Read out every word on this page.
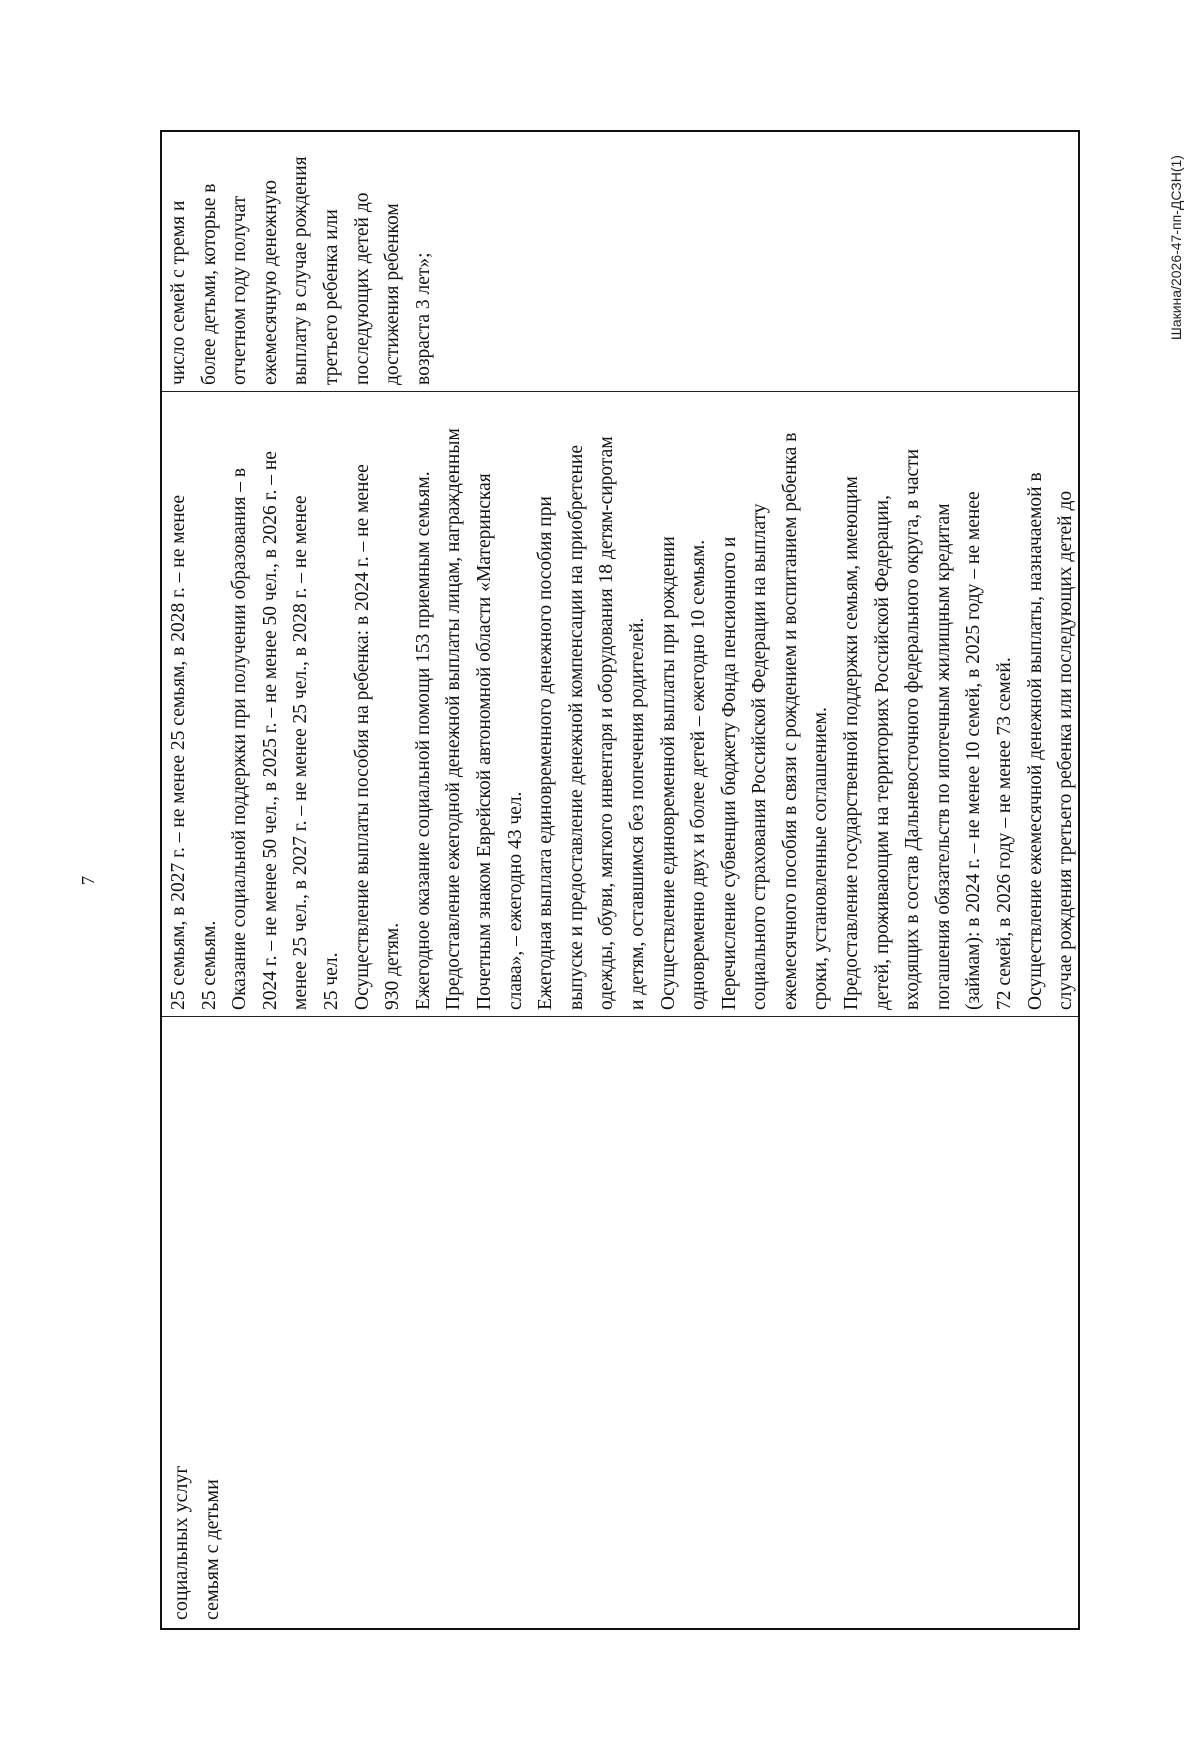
7
социальных услуг семьям с детьми
25 семьям, в 2027 г. – не менее 25 семьям, в 2028 г. – не менее 25 семьям. Оказание социальной поддержки при получении образования – в 2024 г. – не менее 50 чел., в 2025 г. – не менее 50 чел., в 2026 г. – не менее 25 чел., в 2027 г. – не менее 25 чел., в 2028 г. – не менее 25 чел. Осуществление выплаты пособия на ребенка: в 2024 г. – не менее 930 детям. Ежегодное оказание социальной помощи 153 приемным семьям. Предоставление ежегодной денежной выплаты лицам, награжденным Почетным знаком Еврейской автономной области «Материнская слава», – ежегодно 43 чел. Ежегодная выплата единовременного денежного пособия при выпуске и предоставление денежной компенсации на приобретение одежды, обуви, мягкого инвентаря и оборудования 18 детям-сиротам и детям, оставшимся без попечения родителей. Осуществление единовременной выплаты при рождении одновременно двух и более детей – ежегодно 10 семьям. Перечисление субвенции бюджету Фонда пенсионного и социального страхования Российской Федерации на выплату ежемесячного пособия в связи с рождением и воспитанием ребенка в сроки, установленные соглашением. Предоставление государственной поддержки семьям, имеющим детей, проживающим на территориях Российской Федерации, входящих в состав Дальневосточного федерального округа, в части погашения обязательств по ипотечным жилищным кредитам (займам): в 2024 г. – не менее 10 семей, в 2025 году – не менее 72 семей, в 2026 году – не менее 73 семей. Осуществление ежемесячной денежной выплаты, назначаемой в случае рождения третьего ребенка или последующих детей до
число семей с тремя и более детьми, которые в отчетном году получат ежемесячную денежную выплату в случае рождения третьего ребенка или последующих детей до достижения ребенком возраста 3 лет»;	Шакина/2026-47-пп-ДСЗН(1)
